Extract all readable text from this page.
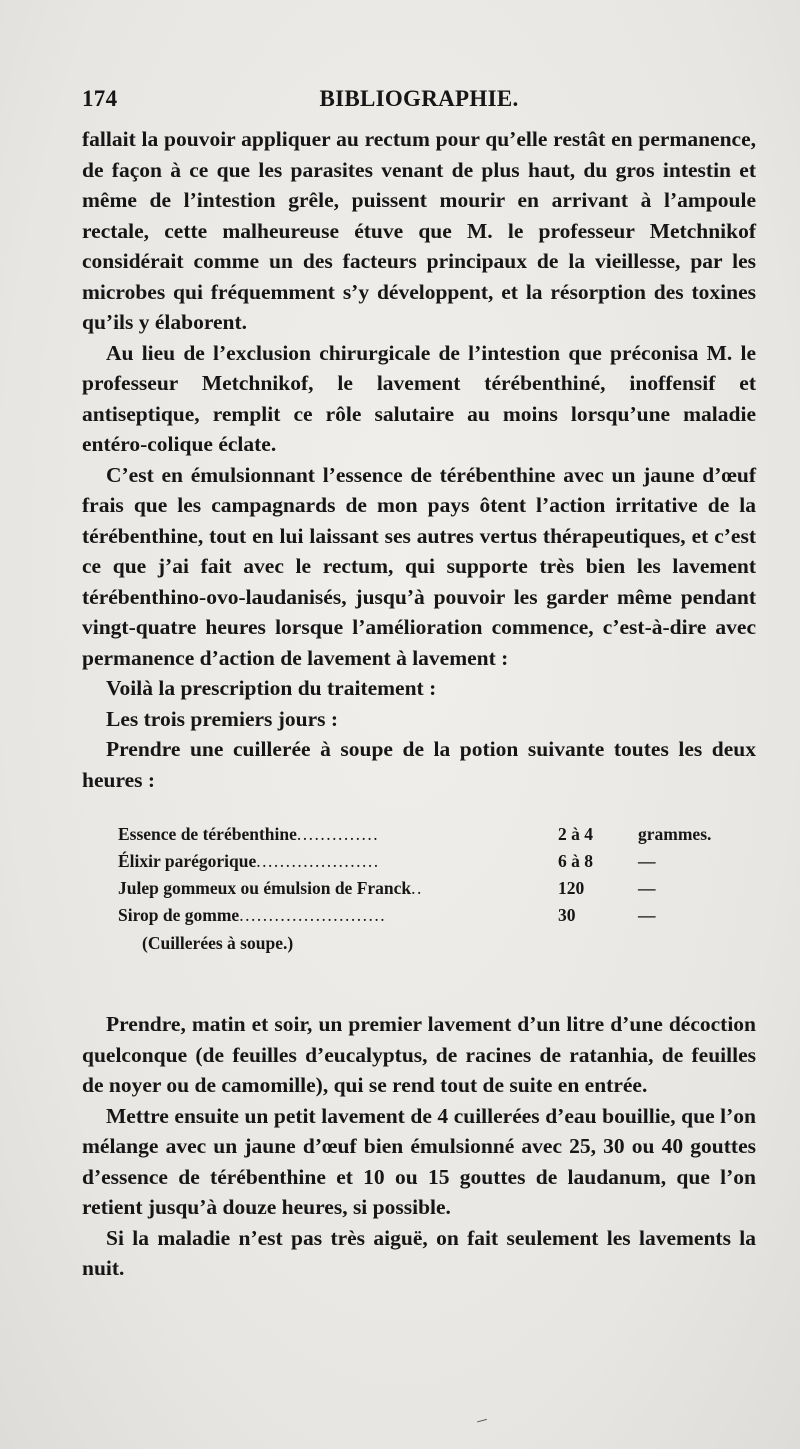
174	BIBLIOGRAPHIE.

fallait la pouvoir appliquer au rectum pour qu’elle restât en permanence, de façon à ce que les parasites venant de plus haut, du gros intestin et même de l’intestion grêle, puissent mourir en arrivant à l’ampoule rectale, cette malheureuse étuve que M. le professeur Metchnikof considérait comme un des facteurs principaux de la vieillesse, par les microbes qui fréquemment s’y développent, et la résorption des toxines qu’ils y élaborent.

Au lieu de l’exclusion chirurgicale de l’intestion que préconisa M. le professeur Metchnikof, le lavement térébenthiné, inoffensif et antiseptique, remplit ce rôle salutaire au moins lorsqu’une maladie entéro-colique éclate.

C’est en émulsionnant l’essence de térébenthine avec un jaune d’œuf frais que les campagnards de mon pays ôtent l’action irritative de la térébenthine, tout en lui laissant ses autres vertus thérapeutiques, et c’est ce que j’ai fait avec le rectum, qui supporte très bien les lavement térébenthino-ovo-laudanisés, jusqu’à pouvoir les garder même pendant vingt-quatre heures lorsque l’amélioration commence, c’est-à-dire avec permanence d’action de lavement à lavement :

Voilà la prescription du traitement :

Les trois premiers jours :

Prendre une cuillerée à soupe de la potion suivante toutes les deux heures :

Essence de térébenthine..............	2 à 4	grammes.
Élixir parégorique.....................	6 à 8	—
Julep gommeux ou émulsion de Franck..	120	—
Sirop de gomme.........................	30	—
(Cuillerées à soupe.)

Prendre, matin et soir, un premier lavement d’un litre d’une décoction quelconque (de feuilles d’eucalyptus, de racines de ratanhia, de feuilles de noyer ou de camomille), qui se rend tout de suite en entrée.

Mettre ensuite un petit lavement de 4 cuillerées d’eau bouillie, que l’on mélange avec un jaune d’œuf bien émulsionné avec 25, 30 ou 40 gouttes d’essence de térébenthine et 10 ou 15 gouttes de laudanum, que l’on retient jusqu’à douze heures, si possible.

Si la maladie n’est pas très aiguë, on fait seulement les lavements la nuit.
